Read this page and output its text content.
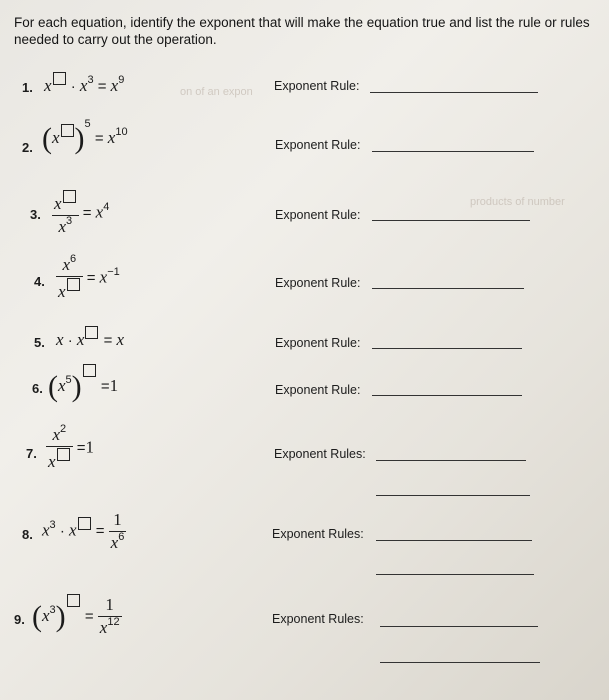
on of an expon
products of number
For each equation, identify the exponent that will make the equation true and list the rule or rules needed to carry out the operation.
1. $x \cdot x^3 = x^9$	Exponent Rule:
2. (x )$^5 = x^{10}$
Exponent Rule:
3. $\frac{x}{x^3} = x^4$
Exponent Rule:
4. $\frac{x^6}{x} = x^{-1}$
Exponent Rule:
5. x · x = x	Exponent Rule:
6. $(x^5) =1$	Exponent Rule:
7. $\frac{x^2}{x} =1$	Exponent Rules:
8. $x^3 \cdot x = \frac{1}{x^6}$	Exponent Rules:
9. $(x^3) = \frac{1}{x^{12}}$	Exponent Rules:
